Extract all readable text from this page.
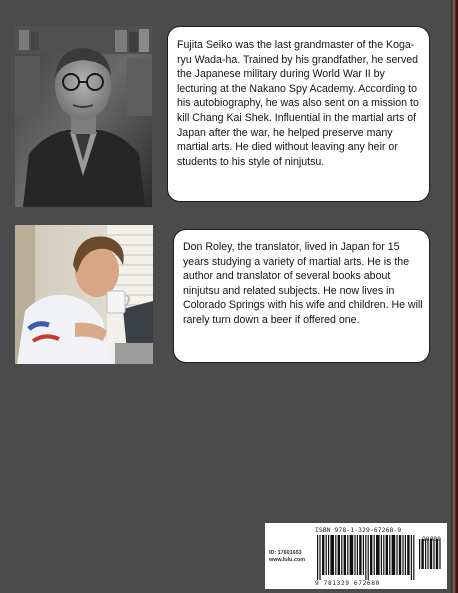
Fujita Seiko was the last grandmaster of the Koga-ryu Wada-ha. Trained by his grandfather, he served the Japanese military during World War II by lecturing at the Nakano Spy Academy. According to his autobiography, he was also sent on a mission to kill Chang Kai Shek. Influential in the martial arts of Japan after the war, he helped preserve many martial arts. He died without leaving any heir or students to his style of ninjutsu.

Don Roley, the translator, lived in Japan for 15 years studying a variety of martial arts. He is the author and translator of several books about ninjutsu and related subjects. He now lives in Colorado Springs with his wife and children. He will rarely turn down a beer if offered one.

ISBN 978-1-329-67268-9
ID: 17601653
www.lulu.com
9 781329 672680
